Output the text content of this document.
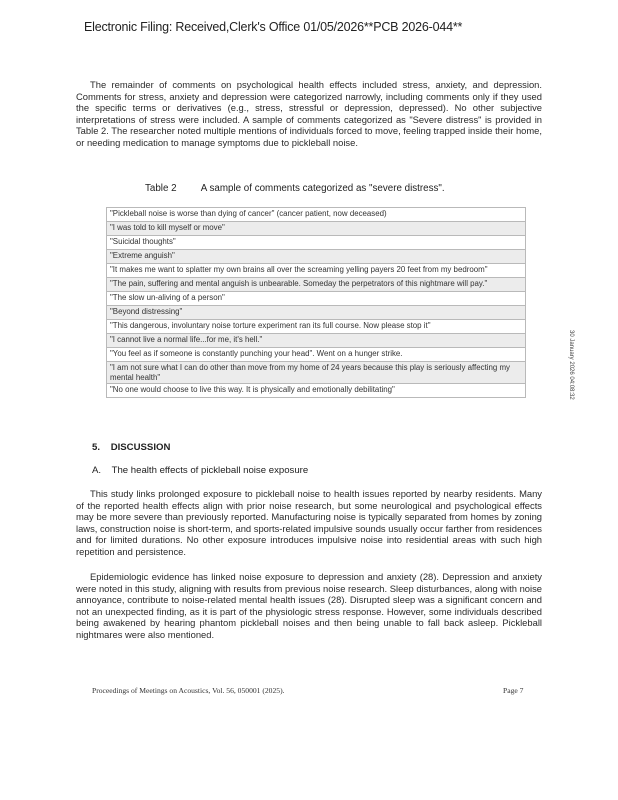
Electronic Filing: Received,Clerk's Office 01/05/2026**PCB 2026-044**

The remainder of comments on psychological health effects included stress, anxiety, and depression. Comments for stress, anxiety and depression were categorized narrowly, including comments only if they used the specific terms or derivatives (e.g., stress, stressful or depression, depressed). No other subjective interpretations of stress were included. A sample of comments categorized as "Severe distress" is provided in Table 2. The researcher noted multiple mentions of individuals forced to move, feeling trapped inside their home, or needing medication to manage symptoms due to pickleball noise.

Table 2 A sample of comments categorized as "severe distress".
"Pickleball noise is worse than dying of cancer" (cancer patient, now deceased)
"I was told to kill myself or move"
"Suicidal thoughts"
"Extreme anguish"
"It makes me want to splatter my own brains all over the screaming yelling payers 20 feet from my bedroom"
"The pain, suffering and mental anguish is unbearable. Someday the perpetrators of this nightmare will pay."
"The slow un-aliving of a person"
"Beyond distressing"
"This dangerous, involuntary noise torture experiment ran its full course. Now please stop it"
"I cannot live a normal life...for me, it's hell."
"You feel as if someone is constantly punching your head". Went on a hunger strike.
"I am not sure what I can do other than move from my home of 24 years because this play is seriously affecting my mental health"
"No one would choose to live this way. It is physically and emotionally debilitating"	30 January 2026 04:08:32
5. DISCUSSION
A. The health effects of pickleball noise exposure

This study links prolonged exposure to pickleball noise to health issues reported by nearby residents. Many of the reported health effects align with prior noise research, but some neurological and psychological effects may be more severe than previously reported. Manufacturing noise is typically separated from homes by zoning laws, construction noise is short-term, and sports-related impulsive sounds usually occur farther from residences and for limited durations. No other exposure introduces impulsive noise into residential areas with such high repetition and persistence.

Epidemiologic evidence has linked noise exposure to depression and anxiety (28). Depression and anxiety were noted in this study, aligning with results from previous noise research. Sleep disturbances, along with noise annoyance, contribute to noise-related mental health issues (28). Disrupted sleep was a significant concern and not an unexpected finding, as it is part of the physiologic stress response. However, some individuals described being awakened by hearing phantom pickleball noises and then being unable to fall back asleep. Pickleball nightmares were also mentioned.

Proceedings of Meetings on Acoustics, Vol. 56, 050001 (2025).	Page 7
